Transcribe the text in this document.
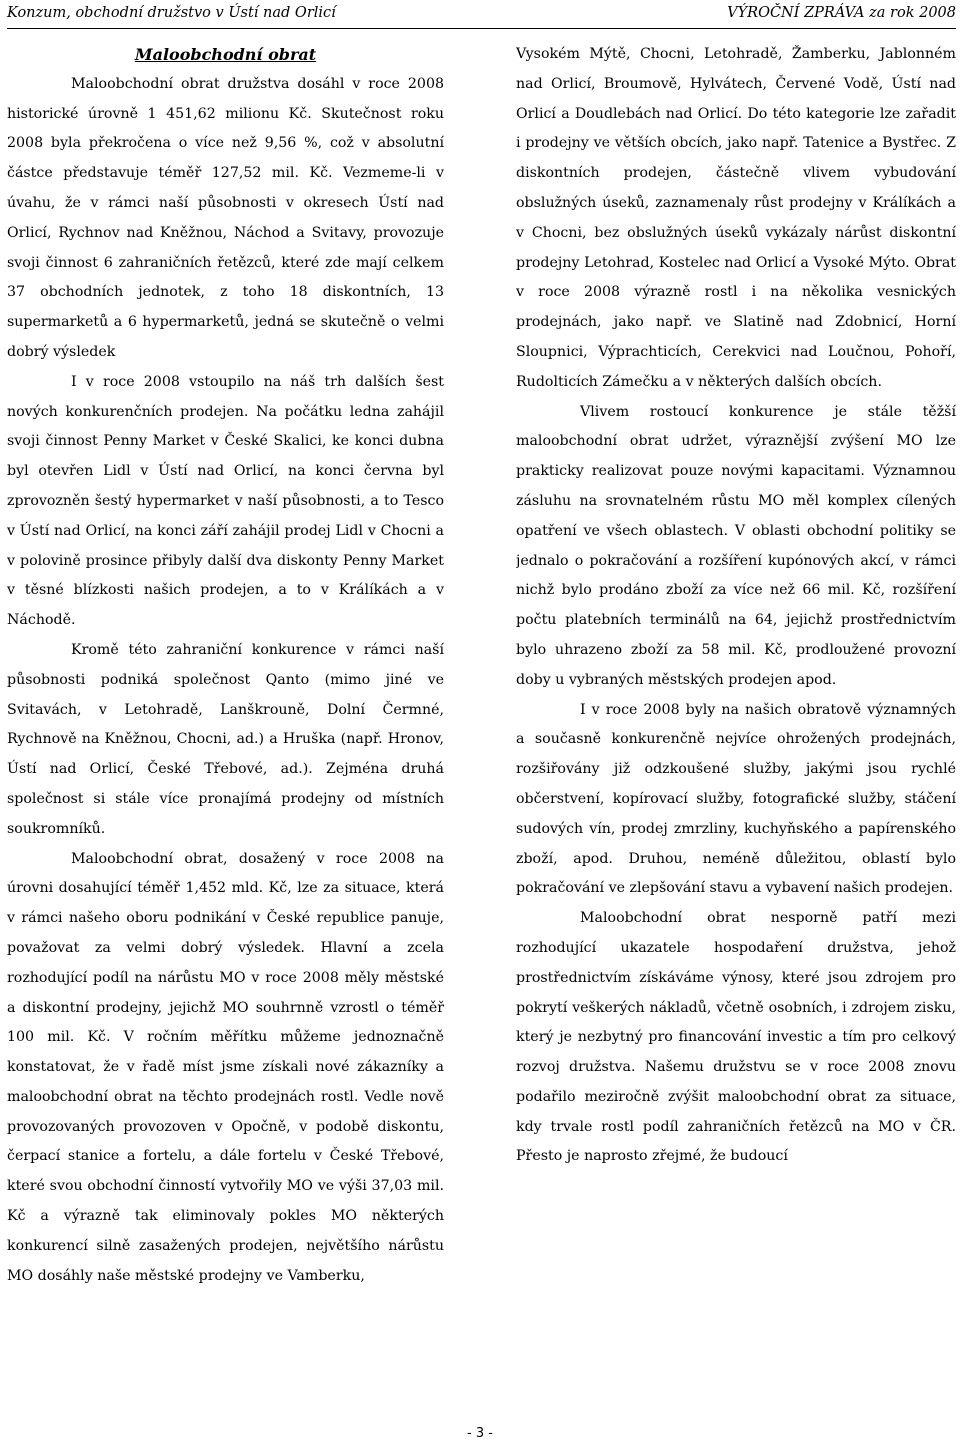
Konzum, obchodní družstvo v Ústí nad Orlicí	VÝROČNÍ ZPRÁVA za rok 2008
Maloobchodní obrat

Maloobchodní obrat družstva dosáhl v roce 2008 historické úrovně 1 451,62 milionu Kč. Skutečnost roku 2008 byla překročena o více než 9,56 %, což v absolutní částce představuje téměř 127,52 mil. Kč. Vezmeme-li v úvahu, že v rámci naší působnosti v okresech Ústí nad Orlicí, Rychnov nad Kněžnou, Náchod a Svitavy, provozuje svoji činnost 6 zahraničních řetězců, které zde mají celkem 37 obchodních jednotek, z toho 18 diskontních, 13 supermarketů a 6 hypermarketů, jedná se skutečně o velmi dobrý výsledek

I v roce 2008 vstoupilo na náš trh dalších šest nových konkurenčních prodejen. Na počátku ledna zahájil svoji činnost Penny Market v České Skalici, ke konci dubna byl otevřen Lidl v Ústí nad Orlicí, na konci června byl zprovozněn šestý hypermarket v naší působnosti, a to Tesco v Ústí nad Orlicí, na konci září zahájil prodej Lidl v Chocni a v polovině prosince přibyly další dva diskonty Penny Market v těsné blízkosti našich prodejen, a to v Králíkách a v Náchodě.

Kromě této zahraniční konkurence v rámci naší působnosti podniká společnost Qanto (mimo jiné ve Svitavách, v Letohradě, Lanškrouně, Dolní Čermné, Rychnově na Kněžnou, Chocni, ad.) a Hruška (např. Hronov, Ústí nad Orlicí, České Třebové, ad.). Zejména druhá společnost si stále více pronajímá prodejny od místních soukromníků.

Maloobchodní obrat, dosažený v roce 2008 na úrovni dosahující téměř 1,452 mld. Kč, lze za situace, která v rámci našeho oboru podnikání v České republice panuje, považovat za velmi dobrý výsledek. Hlavní a zcela rozhodující podíl na nárůstu MO v roce 2008 měly městské a diskontní prodejny, jejichž MO souhrnně vzrostl o téměř 100 mil. Kč. V ročním měřítku můžeme jednoznačně konstatovat, že v řadě míst jsme získali nové zákazníky a maloobchodní obrat na těchto prodejnách rostl. Vedle nově provozovaných provozoven v Opočně, v podobě diskontu, čerpací stanice a fortelu, a dále fortelu v České Třebové, které svou obchodní činností vytvořily MO ve výši 37,03 mil. Kč a výrazně tak eliminovaly pokles MO některých konkurencí silně zasažených prodejen, největšího nárůstu MO dosáhly naše městské prodejny ve Vamberku,

Vysokém Mýtě, Chocni, Letohradě, Žamberku, Jablonném nad Orlicí, Broumově, Hylvátech, Červené Vodě, Ústí nad Orlicí a Doudlebách nad Orlicí. Do této kategorie lze zařadit i prodejny ve větších obcích, jako např. Tatenice a Bystřec. Z diskontních prodejen, částečně vlivem vybudování obslužných úseků, zaznamenaly růst prodejny v Králíkách a v Chocni, bez obslužných úseků vykázaly nárůst diskontní prodejny Letohrad, Kostelec nad Orlicí a Vysoké Mýto. Obrat v roce 2008 výrazně rostl i na několika vesnických prodejnách, jako např. ve Slatině nad Zdobnicí, Horní Sloupnici, Výprachticích, Cerekvici nad Loučnou, Pohoří, Rudolticích Zámečku a v některých dalších obcích.

Vlivem rostoucí konkurence je stále těžší maloobchodní obrat udržet, výraznější zvýšení MO lze prakticky realizovat pouze novými kapacitami. Významnou zásluhu na srovnatelném růstu MO měl komplex cílených opatření ve všech oblastech. V oblasti obchodní politiky se jednalo o pokračování a rozšíření kupónových akcí, v rámci nichž bylo prodáno zboží za více než 66 mil. Kč, rozšíření počtu platebních terminálů na 64, jejichž prostřednictvím bylo uhrazeno zboží za 58 mil. Kč, prodloužené provozní doby u vybraných městských prodejen apod.

I v roce 2008 byly na našich obratově významných a současně konkurenčně nejvíce ohrožených prodejnách, rozšiřovány již odzkoušené služby, jakými jsou rychlé občerstvení, kopírovací služby, fotografické služby, stáčení sudových vín, prodej zmrzliny, kuchyňského a papírenského zboží, apod. Druhou, neméně důležitou, oblastí bylo pokračování ve zlepšování stavu a vybavení našich prodejen.

Maloobchodní obrat nesporně patří mezi rozhodující ukazatele hospodaření družstva, jehož prostřednictvím získáváme výnosy, které jsou zdrojem pro pokrytí veškerých nákladů, včetně osobních, i zdrojem zisku, který je nezbytný pro financování investic a tím pro celkový rozvoj družstva. Našemu družstvu se v roce 2008 znovu podařilo meziročně zvýšit maloobchodní obrat za situace, kdy trvale rostl podíl zahraničních řetězců na MO v ČR. Přesto je naprosto zřejmé, že budoucí

- 3 -
